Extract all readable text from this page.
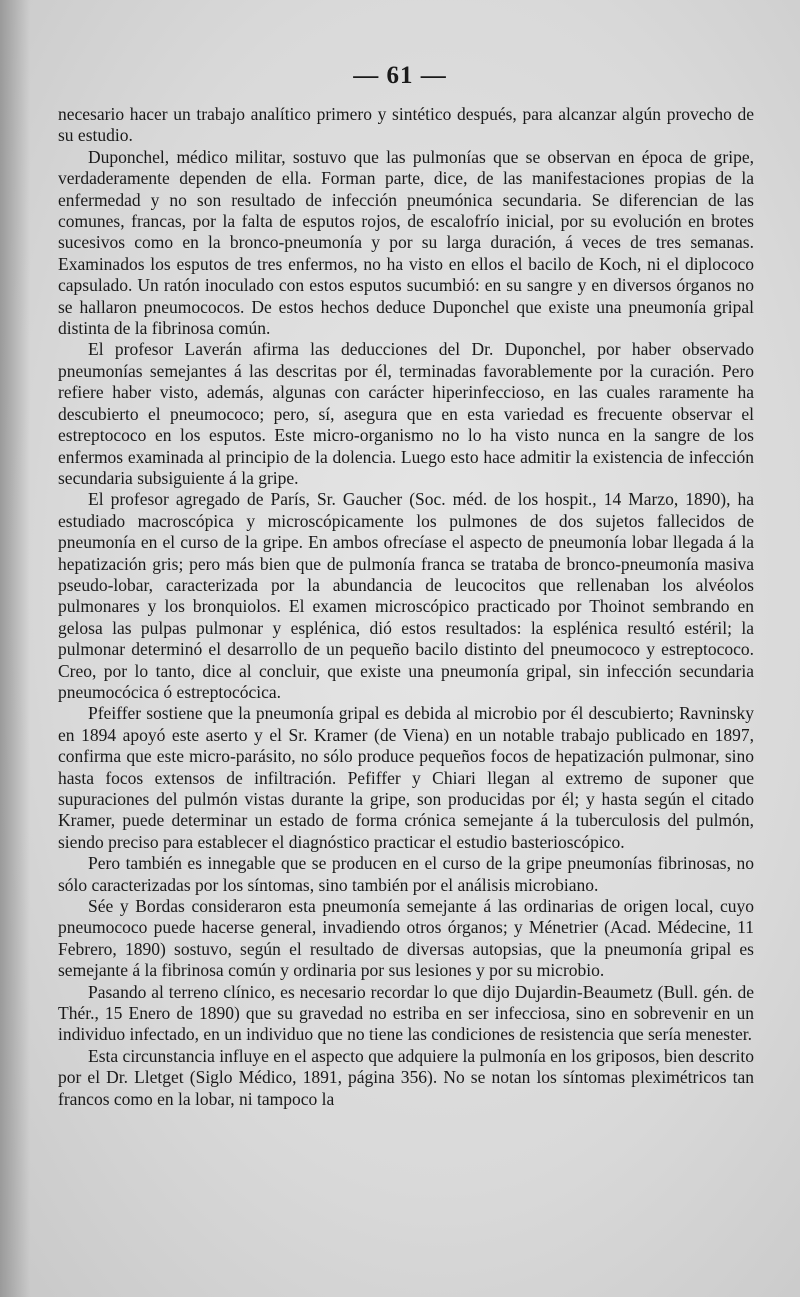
— 61 —

necesario hacer un trabajo analítico primero y sintético después, para alcanzar algún provecho de su estudio.

Duponchel, médico militar, sostuvo que las pulmonías que se observan en época de gripe, verdaderamente dependen de ella. Forman parte, dice, de las manifestaciones propias de la enfermedad y no son resultado de infección pneumónica secundaria. Se diferencian de las comunes, francas, por la falta de esputos rojos, de escalofrío inicial, por su evolución en brotes sucesivos como en la bronco-pneumonía y por su larga duración, á veces de tres semanas. Examinados los esputos de tres enfermos, no ha visto en ellos el bacilo de Koch, ni el diplococo capsulado. Un ratón inoculado con estos esputos sucumbió: en su sangre y en diversos órganos no se hallaron pneumococos. De estos hechos deduce Duponchel que existe una pneumonía gripal distinta de la fibrinosa común.

El profesor Laverán afirma las deducciones del Dr. Duponchel, por haber observado pneumonías semejantes á las descritas por él, terminadas favorablemente por la curación. Pero refiere haber visto, además, algunas con carácter hiperinfeccioso, en las cuales raramente ha descubierto el pneumococo; pero, sí, asegura que en esta variedad es frecuente observar el estreptococo en los esputos. Este micro-organismo no lo ha visto nunca en la sangre de los enfermos examinada al principio de la dolencia. Luego esto hace admitir la existencia de infección secundaria subsiguiente á la gripe.

El profesor agregado de París, Sr. Gaucher (Soc. méd. de los hospit., 14 Marzo, 1890), ha estudiado macroscópica y microscópicamente los pulmones de dos sujetos fallecidos de pneumonía en el curso de la gripe. En ambos ofrecíase el aspecto de pneumonía lobar llegada á la hepatización gris; pero más bien que de pulmonía franca se trataba de bronco-pneumonía masiva pseudo-lobar, caracterizada por la abundancia de leucocitos que rellenaban los alvéolos pulmonares y los bronquiolos. El examen microscópico practicado por Thoinot sembrando en gelosa las pulpas pulmonar y esplénica, dió estos resultados: la esplénica resultó estéril; la pulmonar determinó el desarrollo de un pequeño bacilo distinto del pneumococo y estreptococo. Creo, por lo tanto, dice al concluir, que existe una pneumonía gripal, sin infección secundaria pneumocócica ó estreptocócica.

Pfeiffer sostiene que la pneumonía gripal es debida al microbio por él descubierto; Ravninsky en 1894 apoyó este aserto y el Sr. Kramer (de Viena) en un notable trabajo publicado en 1897, confirma que este micro-parásito, no sólo produce pequeños focos de hepatización pulmonar, sino hasta focos extensos de infiltración. Pefiffer y Chiari llegan al extremo de suponer que supuraciones del pulmón vistas durante la gripe, son producidas por él; y hasta según el citado Kramer, puede determinar un estado de forma crónica semejante á la tuberculosis del pulmón, siendo preciso para establecer el diagnóstico practicar el estudio basterioscópico.

Pero también es innegable que se producen en el curso de la gripe pneumonías fibrinosas, no sólo caracterizadas por los síntomas, sino también por el análisis microbiano.

Sée y Bordas consideraron esta pneumonía semejante á las ordinarias de origen local, cuyo pneumococo puede hacerse general, invadiendo otros órganos; y Ménetrier (Acad. Médecine, 11 Febrero, 1890) sostuvo, según el resultado de diversas autopsias, que la pneumonía gripal es semejante á la fibrinosa común y ordinaria por sus lesiones y por su microbio.

Pasando al terreno clínico, es necesario recordar lo que dijo Dujardin-Beaumetz (Bull. gén. de Thér., 15 Enero de 1890) que su gravedad no estriba en ser infecciosa, sino en sobrevenir en un individuo infectado, en un individuo que no tiene las condiciones de resistencia que sería menester.

Esta circunstancia influye en el aspecto que adquiere la pulmonía en los griposos, bien descrito por el Dr. Lletget (Siglo Médico, 1891, página 356). No se notan los síntomas pleximétricos tan francos como en la lobar, ni tampoco la
